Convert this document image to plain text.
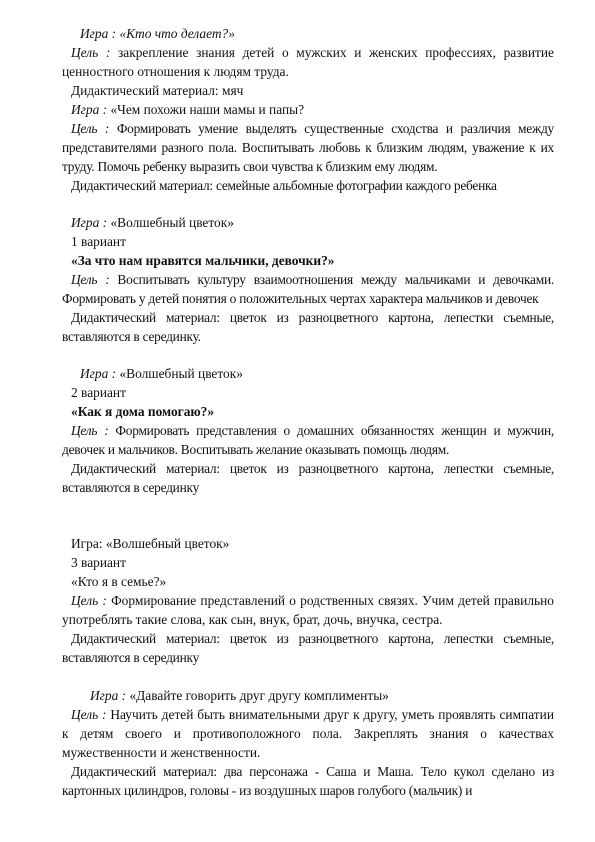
Игра : «Кто что делает?»

Цель : закрепление знания детей о мужских и женских профессиях, развитие ценностного отношения к людям труда.

Дидактический материал: мяч

Игра : «Чем похожи наши мамы и папы?

Цель : Формировать умение выделять существенные сходства и различия между представителями разного пола. Воспитывать любовь к близким людям, уважение к их труду. Помочь ребенку выразить свои чувства к близким ему людям.

Дидактический материал: семейные альбомные фотографии каждого ребенка

Игра : «Волшебный цветок»

1 вариант

«За что нам нравятся мальчики, девочки?»

Цель : Воспитывать культуру взаимоотношения между мальчиками и девочками. Формировать у детей понятия о положительных чертах характера мальчиков и девочек

Дидактический материал: цветок из разноцветного картона, лепестки съемные, вставляются в серединку.

Игра : «Волшебный цветок»

2 вариант

«Как я дома помогаю?»

Цель : Формировать представления о домашних обязанностях женщин и мужчин, девочек и мальчиков. Воспитывать желание оказывать помощь людям.

Дидактический материал: цветок из разноцветного картона, лепестки съемные, вставляются в серединку

Игра: «Волшебный цветок»

3 вариант

«Кто я в семье?»

Цель : Формирование представлений о родственных связях. Учим детей правильно употреблять такие слова, как сын, внук, брат, дочь, внучка, сестра.

Дидактический материал: цветок из разноцветного картона, лепестки съемные, вставляются в серединку

Игра : «Давайте говорить друг другу комплименты»

Цель : Научить детей быть внимательными друг к другу, уметь проявлять симпатии к детям своего и противоположного пола. Закреплять знания о качествах мужественности и женственности.

Дидактический материал: два персонажа - Саша и Маша. Тело кукол сделано из картонных цилиндров, головы - из воздушных шаров голубого (мальчик) и
